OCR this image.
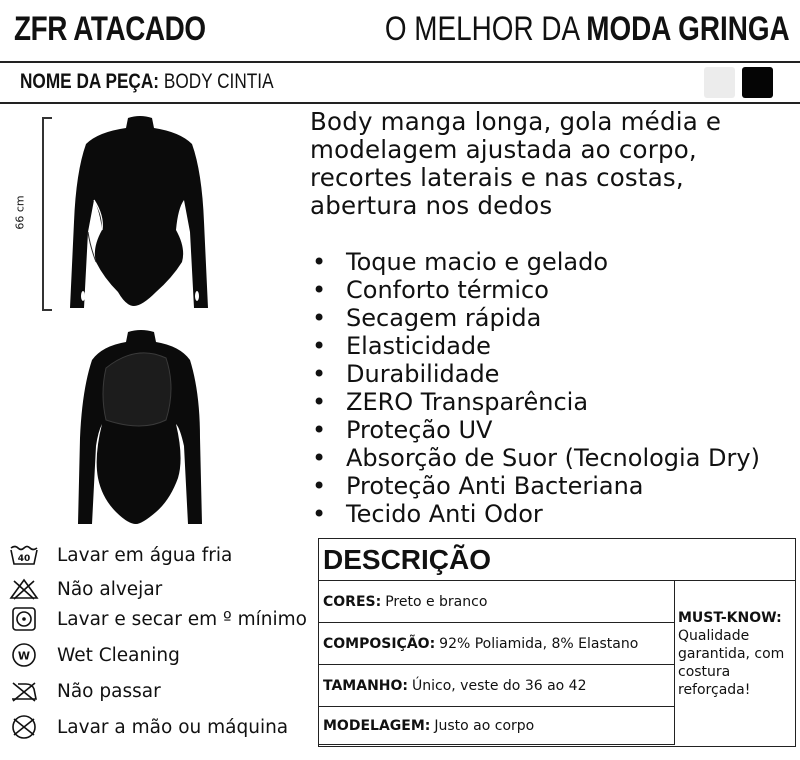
ZFR ATACADO	O MELHOR DA MODA GRINGA
NOME DA PEÇA: BODY CINTIA
66 cm
Body manga longa, gola média e modelagem ajustada ao corpo, recortes laterais e nas costas, abertura nos dedos
• Toque macio e gelado
• Conforto térmico
• Secagem rápida
• Elasticidade
• Durabilidade
• ZERO Transparência
• Proteção UV
• Absorção de Suor (Tecnologia Dry)
• Proteção Anti Bacteriana
• Tecido Anti Odor
40 Lavar em água fria
Não alvejar
Lavar e secar em º mínimo
W Wet Cleaning
Não passar
Lavar a mão ou máquina
DESCRIÇÃO
CORES: Preto e branco
COMPOSIÇÃO: 92% Poliamida, 8% Elastano
TAMANHO: Único, veste do 36 ao 42
MODELAGEM: Justo ao corpo
MUST-KNOW:
Qualidade garantida, com costura reforçada!
